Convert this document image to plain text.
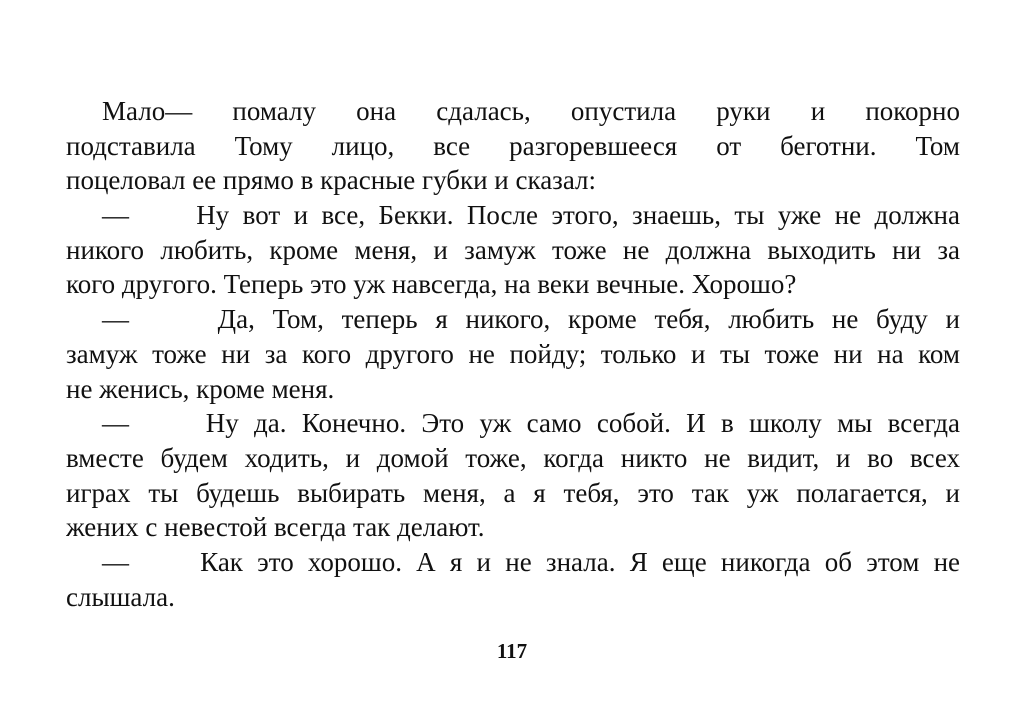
Мало— помалу она сдалась, опустила руки и покорно
подставила Тому лицо, все разгоревшееся от беготни. Том
поцеловал ее прямо в красные губки и сказал:
—     Ну вот и все, Бекки. После этого, знаешь, ты уже не должна
никого любить, кроме меня, и замуж тоже не должна выходить ни за
кого другого. Теперь это уж навсегда, на веки вечные. Хорошо?
—     Да, Том, теперь я никого, кроме тебя, любить не буду и
замуж тоже ни за кого другого не пойду; только и ты тоже ни на ком
не женись, кроме меня.
—     Ну да. Конечно. Это уж само собой. И в школу мы всегда
вместе будем ходить, и домой тоже, когда никто не видит, и во всех
играх ты будешь выбирать меня, а я тебя, это так уж полагается, и
жених с невестой всегда так делают.
—     Как это хорошо. А я и не знала. Я еще никогда об этом не
слышала.
117
